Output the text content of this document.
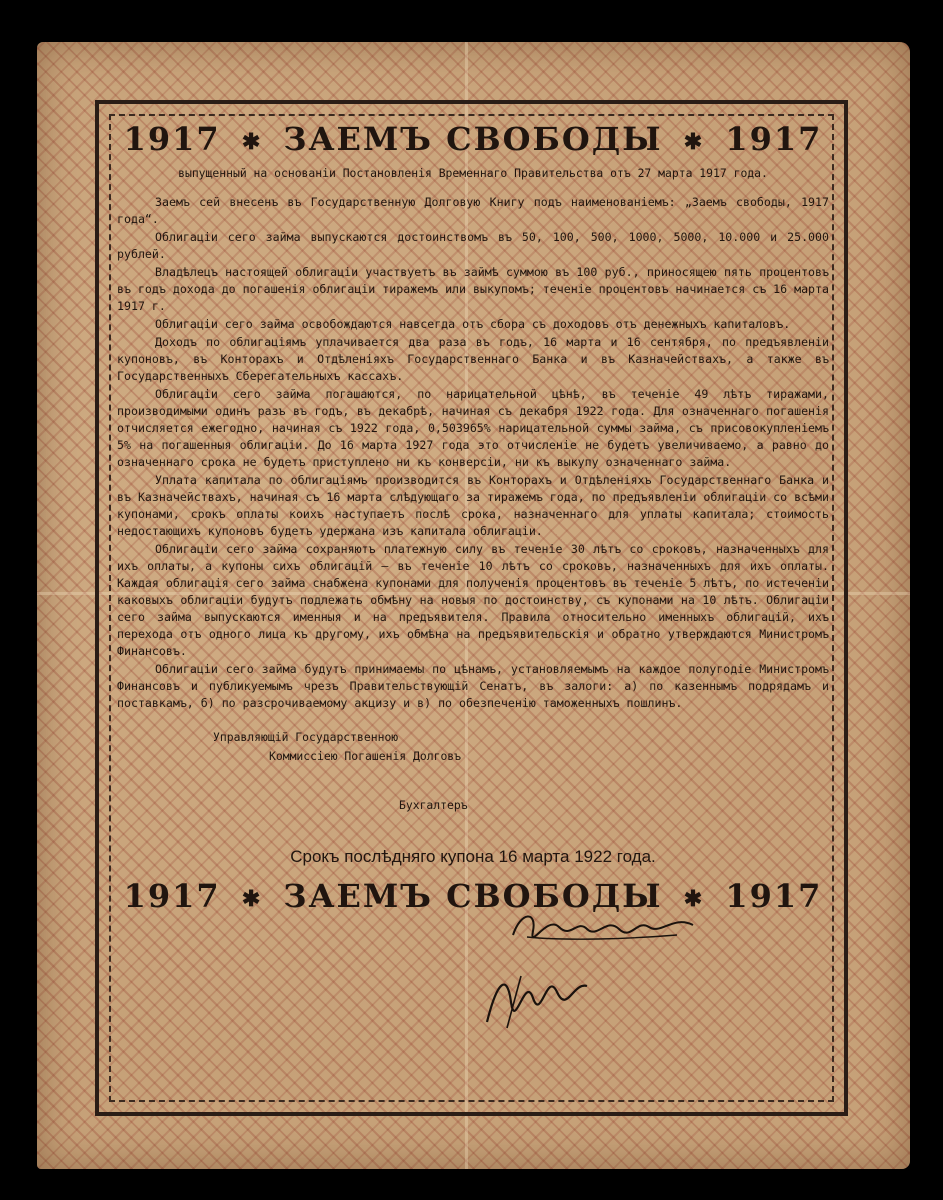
1917 ✱ ЗАЕМЪ СВОБОДЫ ✱ 1917
выпущенный на основанiи Постановленiя Временнаго Правительства отъ 27 марта 1917 года.

Заемъ сей внесенъ въ Государственную Долговую Книгу подъ наименованiемъ: „Заемъ свободы, 1917 года“.

Облигацiи сего займа выпускаются достоинствомъ въ 50, 100, 500, 1000, 5000, 10.000 и 25.000 рублей.

Владѣлецъ настоящей облигацiи участвуетъ въ займѣ суммою въ 100 руб., приносящею пять процентовъ въ годъ дохода до погашенiя облигацiи тиражемъ или выкупомъ; теченiе процентовъ начинается съ 16 марта 1917 г.

Облигацiи сего займа освобождаются навсегда отъ сбора съ доходовъ отъ денежныхъ капиталовъ.

Доходъ по облигацiямъ уплачивается два раза въ годъ, 16 марта и 16 сентября, по предъявленiи купоновъ, въ Конторахъ и Отдѣленiяхъ Государственнаго Банка и въ Казначействахъ, а также въ Государственныхъ Сберегательныхъ кассахъ.

Облигацiи сего займа погашаются, по нарицательной цѣнѣ, въ теченiе 49 лѣтъ тиражами, производимыми одинъ разъ въ годъ, въ декабрѣ, начиная съ декабря 1922 года. Для означеннаго погашенiя отчисляется ежегодно, начиная съ 1922 года, 0,503965% нарицательной суммы займа, съ присовокупленiемъ 5% на погашенныя облигацiи. До 16 марта 1927 года это отчисленiе не будетъ увеличиваемо, а равно до означеннаго срока не будетъ приступлено ни къ конверсiи, ни къ выкупу означеннаго займа.

Уплата капитала по облигацiямъ производится въ Конторахъ и Отдѣленiяхъ Государственнаго Банка и въ Казначействахъ, начиная съ 16 марта слѣдующаго за тиражемъ года, по предъявленiи облигацiи со всѣми купонами, срокъ оплаты коихъ наступаетъ послѣ срока, назначеннаго для уплаты капитала; стоимость недостающихъ купоновъ будетъ удержана изъ капитала облигацiи.

Облигацiи сего займа сохраняютъ платежную силу въ теченiе 30 лѣтъ со сроковъ, назначенныхъ для ихъ оплаты, а купоны сихъ облигацiй — въ теченiе 10 лѣтъ со сроковъ, назначенныхъ для ихъ оплаты. Каждая облигацiя сего займа снабжена купонами для полученiя процентовъ въ теченiе 5 лѣтъ, по истеченiи каковыхъ облигацiи будутъ подлежать обмѣну на новыя по достоинству, съ купонами на 10 лѣтъ. Облигацiи сего займа выпускаются именныя и на предъявителя. Правила относительно именныхъ облигацiй, ихъ перехода отъ одного лица къ другому, ихъ обмѣна на предъявительскiя и обратно утверждаются Министромъ Финансовъ.

Облигацiи сего займа будутъ принимаемы по цѣнамъ, установляемымъ на каждое полугодiе Министромъ Финансовъ и публикуемымъ чрезъ Правительствующiй Сенатъ, въ залоги: а) по казеннымъ подрядамъ и поставкамъ, б) по разсрочиваемому акцизу и в) по обезпеченiю таможенныхъ пошлинъ.

Управляющiй Государственною
Коммиссiею Погашенiя Долговъ
Бухгалтеръ
Срокъ послѣдняго купона 16 марта 1922 года.
1917 ✱ ЗАЕМЪ СВОБОДЫ ✱ 1917
